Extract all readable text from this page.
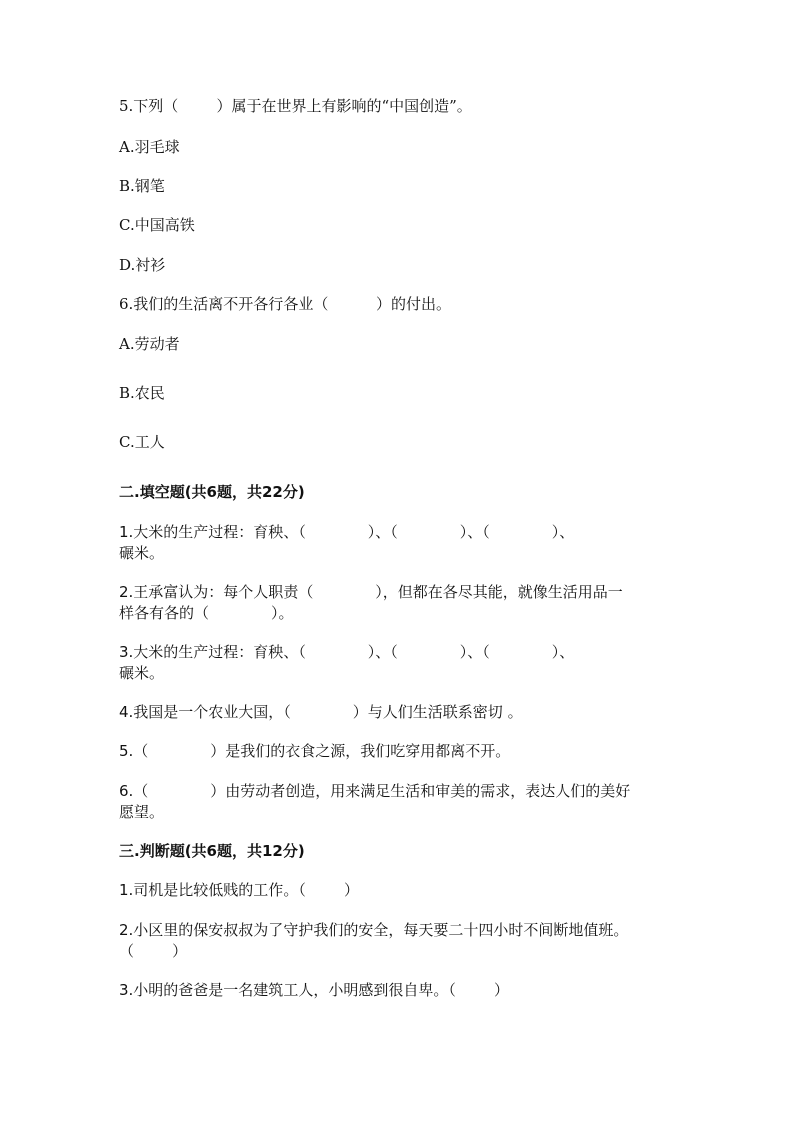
5.下列（        ）属于在世界上有影响的“中国创造”。

A.羽毛球

B.钢笔

C.中国高铁

D.衬衫

6.我们的生活离不开各行各业（          ）的付出。

A.劳动者

B.农民

C.工人

二.填空题(共6题，共22分)

1.大米的生产过程：育秧、（             ）、（             ）、（             ）、

碾米。

2.王承富认为：每个人职责（             ），但都在各尽其能，就像生活用品一

样各有各的（             ）。

3.大米的生产过程：育秧、（             ）、（             ）、（             ）、

碾米。

4.我国是一个农业大国，（             ）与人们生活联系密切 。

5.（             ）是我们的衣食之源，我们吃穿用都离不开。

6.（             ）由劳动者创造，用来满足生活和审美的需求，表达人们的美好

愿望。

三.判断题(共6题，共12分)

1.司机是比较低贱的工作。（        ）

2.小区里的保安叔叔为了守护我们的安全，每天要二十四小时不间断地值班。

（        ）

3.小明的爸爸是一名建筑工人，小明感到很自卑。（        ）
